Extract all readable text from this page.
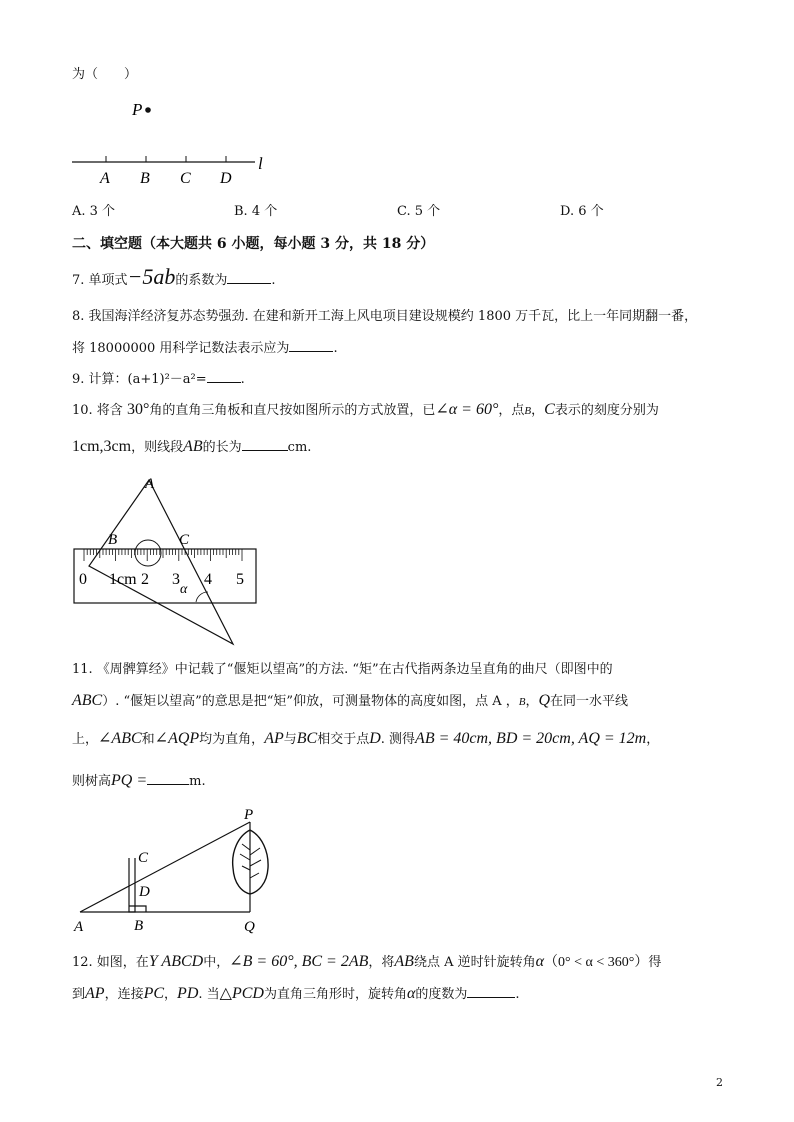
为（　　）
P
l
A B C D
A. 3 个	B. 4 个	C. 5 个	D. 6 个
二、填空题（本大题共 6 小题，每小题 3 分，共 18 分）
7. 单项式−5ab的系数为	.
8. 我国海洋经济复苏态势强劲. 在建和新开工海上风电项目建设规模约 1800 万千瓦，比上一年同期翻一番，
将 18000000 用科学记数法表示应为	.
9. 计算：(a+1)²－a²=	.
10. 将含 30°角的直角三角板和直尺按如图所示的方式放置，已∠α = 60°，点B，C表示的刻度分别为
1cm,3cm，则线段AB的长为	cm.
A
B	C
α
0 1cm 2 3 4 5
11. 《周髀算经》中记载了“偃矩以望高”的方法. “矩”在古代指两条边呈直角的曲尺（即图中的
ABC）. “偃矩以望高”的意思是把“矩”仰放，可测量物体的高度如图，点 A ，B，Q在同一水平线
上，∠ABC和∠AQP均为直角，AP与BC相交于点D. 测得AB = 40cm, BD = 20cm, AQ = 12m，
则树高PQ =	m.
P
C
D
A	B	Q
12. 如图，在Y ABCD中，∠B = 60°, BC = 2AB，将AB绕点 A 逆时针旋转角α（0° < α < 360°）得
到AP，连接PC，PD. 当△PCD为直角三角形时，旋转角α的度数为	.
2
